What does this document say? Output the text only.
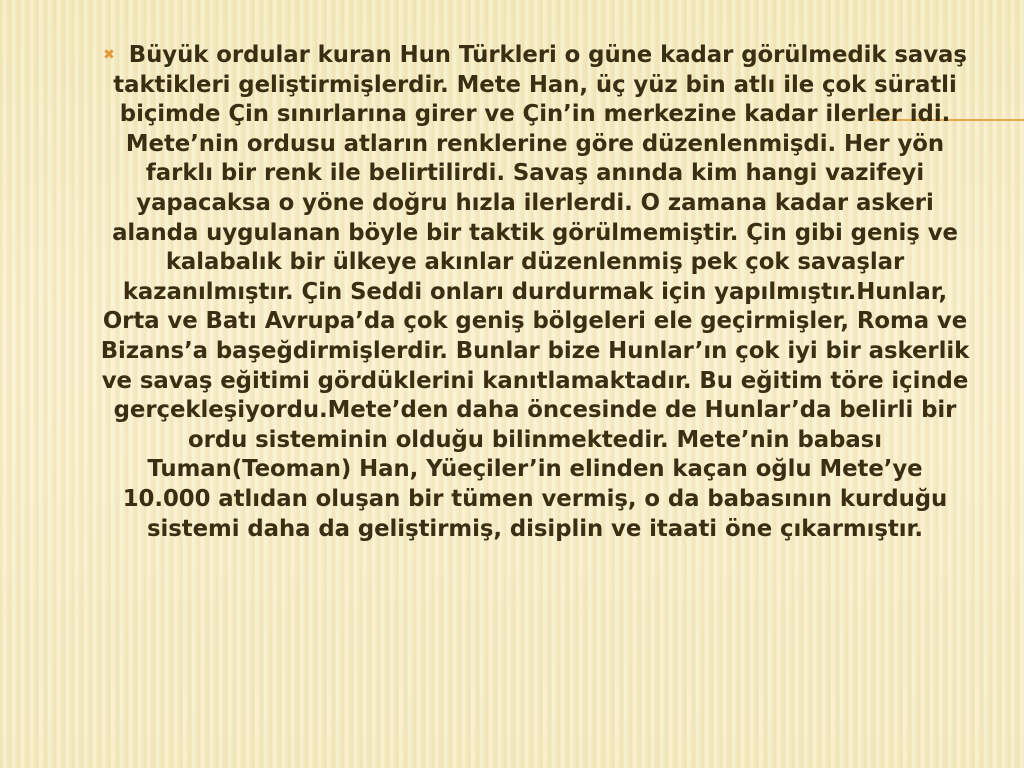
✖ Büyük ordular kuran Hun Türkleri o güne kadar görülmedik savaş taktikleri geliştirmişlerdir. Mete Han, üç yüz bin atlı ile çok süratli biçimde Çin sınırlarına girer ve Çin’in merkezine kadar ilerler idi. Mete’nin ordusu atların renklerine göre düzenlenmişdi. Her yön farklı bir renk ile belirtilirdi. Savaş anında kim hangi vazifeyi yapacaksa o yöne doğru hızla ilerlerdi. O zamana kadar askeri alanda uygulanan böyle bir taktik görülmemiştir. Çin gibi geniş ve kalabalık bir ülkeye akınlar düzenlenmiş pek çok savaşlar kazanılmıştır. Çin Seddi onları durdurmak için yapılmıştır.Hunlar, Orta ve Batı Avrupa’da çok geniş bölgeleri ele geçirmişler, Roma ve Bizans’a başeğdirmişlerdir. Bunlar bize Hunlar’ın çok iyi bir askerlik ve savaş eğitimi gördüklerini kanıtlamaktadır. Bu eğitim töre içinde gerçekleşiyordu.Mete’den daha öncesinde de Hunlar’da belirli bir ordu sisteminin olduğu bilinmektedir. Mete’nin babası Tuman(Teoman) Han, Yüeçiler’in elinden kaçan oğlu Mete’ye 10.000 atlıdan oluşan bir tümen vermiş, o da babasının kurduğu sistemi daha da geliştirmiş, disiplin ve itaati öne çıkarmıştır.
